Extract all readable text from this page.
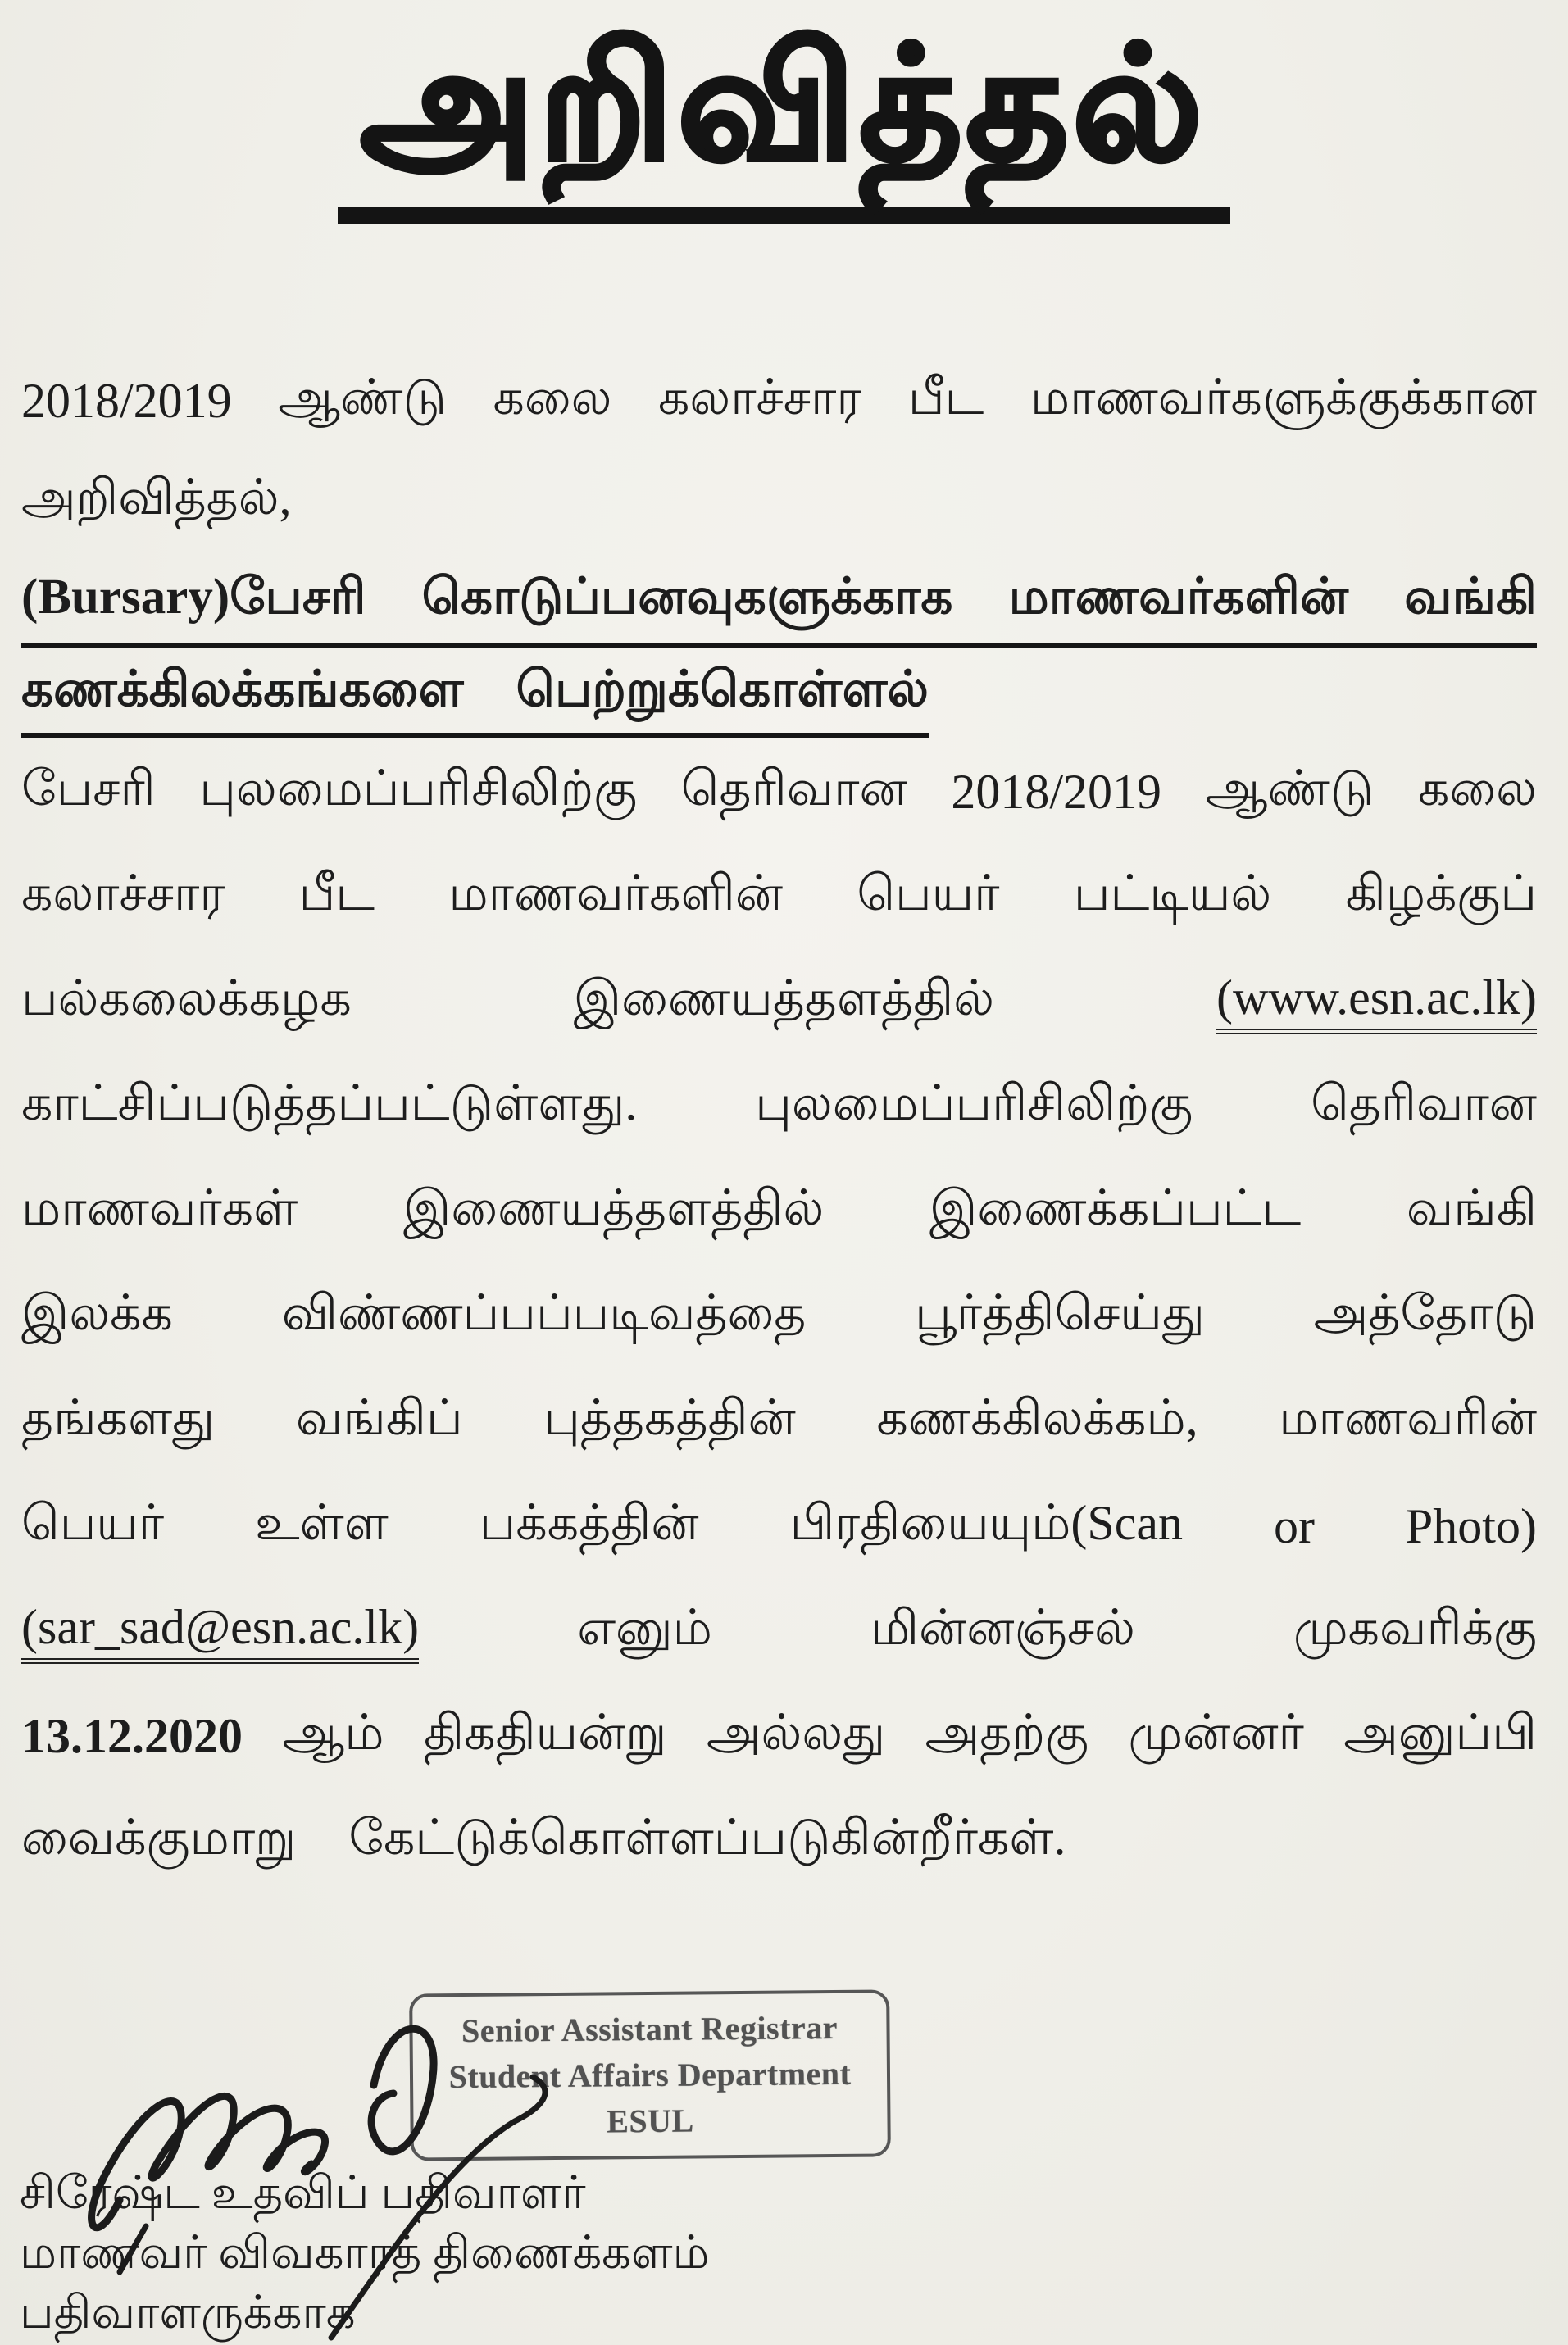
அறிவித்தல்
2018/2019 ஆண்டு கலை கலாச்சார பீட மாணவர்களுக்குக்கான
அறிவித்தல்,
(Bursary)பேசரி கொடுப்பனவுகளுக்காக மாணவர்களின் வங்கி
கணக்கிலக்கங்களை பெற்றுக்கொள்ளல்
பேசரி புலமைப்பரிசிலிற்கு தெரிவான 2018/2019 ஆண்டு கலை
கலாச்சார பீட மாணவர்களின் பெயர் பட்டியல் கிழக்குப்
பல்கலைக்கழக	இணையத்தளத்தில்	(www.esn.ac.lk)
காட்சிப்படுத்தப்பட்டுள்ளது. புலமைப்பரிசிலிற்கு தெரிவான
மாணவர்கள் இணையத்தளத்தில் இணைக்கப்பட்ட வங்கி
இலக்க விண்ணப்பப்படிவத்தை பூர்த்திசெய்து அத்தோடு
தங்களது வங்கிப் புத்தகத்தின் கணக்கிலக்கம், மாணவரின்
பெயர் உள்ள பக்கத்தின் பிரதியையும்(Scan or Photo)
(sar_sad@esn.ac.lk)	எனும்	மின்னஞ்சல்	முகவரிக்கு
13.12.2020 ஆம் திகதியன்று அல்லது அதற்கு முன்னர் அனுப்பி
வைக்குமாறு கேட்டுக்கொள்ளப்படுகின்றீர்கள்.
Senior Assistant Registrar
Student Affairs Department
ESUL
சிரேஷ்ட உதவிப் பதிவாளர்
மாணவர் விவகாரத் திணைக்களம்
பதிவாளருக்காக
